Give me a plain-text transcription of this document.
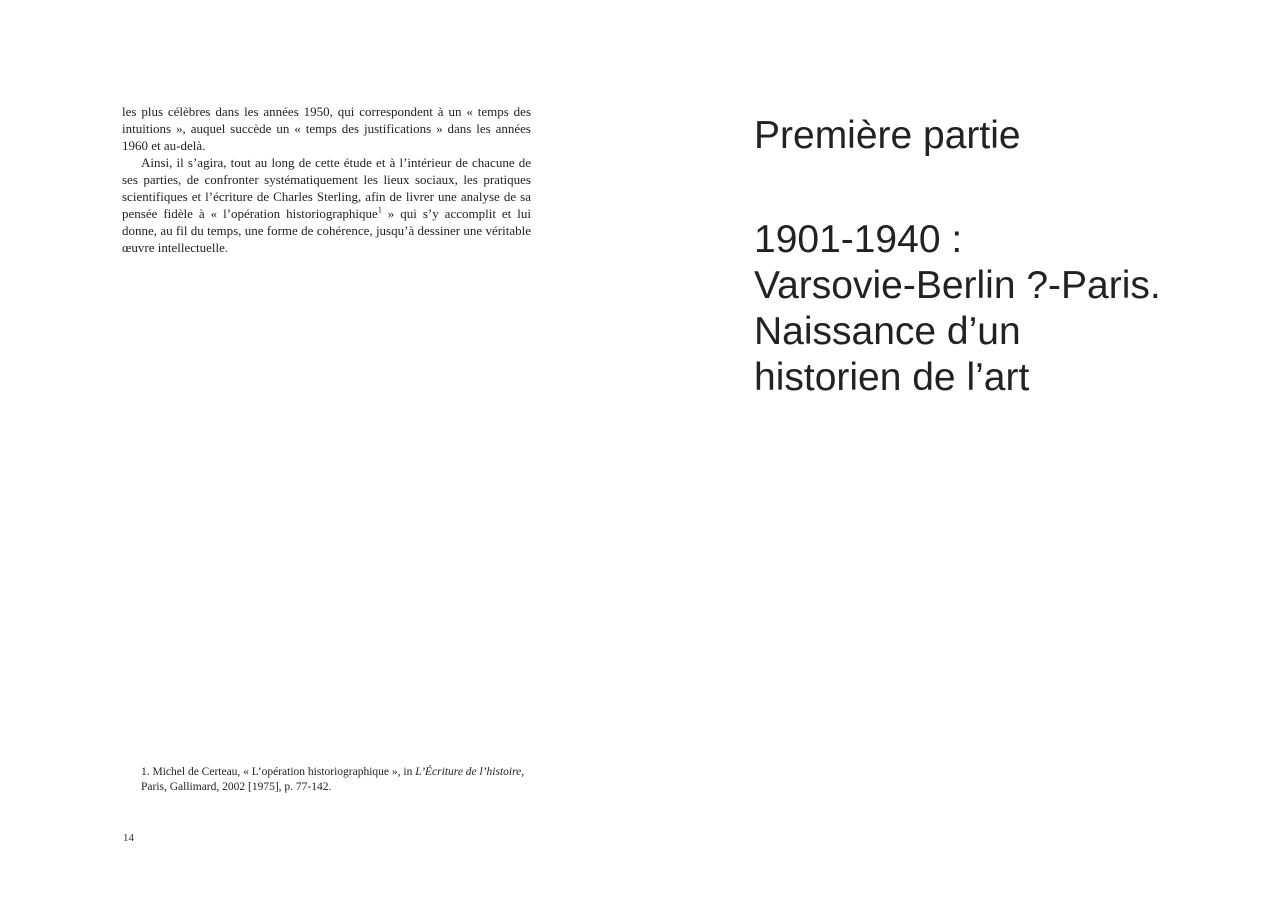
les plus célèbres dans les années 1950, qui correspondent à un « temps des intuitions », auquel succède un « temps des justifications » dans les années 1960 et au-delà.

Ainsi, il s’agira, tout au long de cette étude et à l’intérieur de chacune de ses parties, de confronter systématiquement les lieux sociaux, les pratiques scientifiques et l’écriture de Charles Sterling, afin de livrer une analyse de sa pensée fidèle à « l’opération historiographique$^1$ » qui s’y accomplit et lui donne, au fil du temps, une forme de cohérence, jusqu’à dessiner une véritable œuvre intellectuelle.

1. Michel de Certeau, « L’opération historiographique », in L’Écriture de l’histoire, Paris, Gallimard, 2002 [1975], p. 77-142.
14
Première partie
1901-1940 :
Varsovie-Berlin ?-Paris.
Naissance d’un
historien de l’art
